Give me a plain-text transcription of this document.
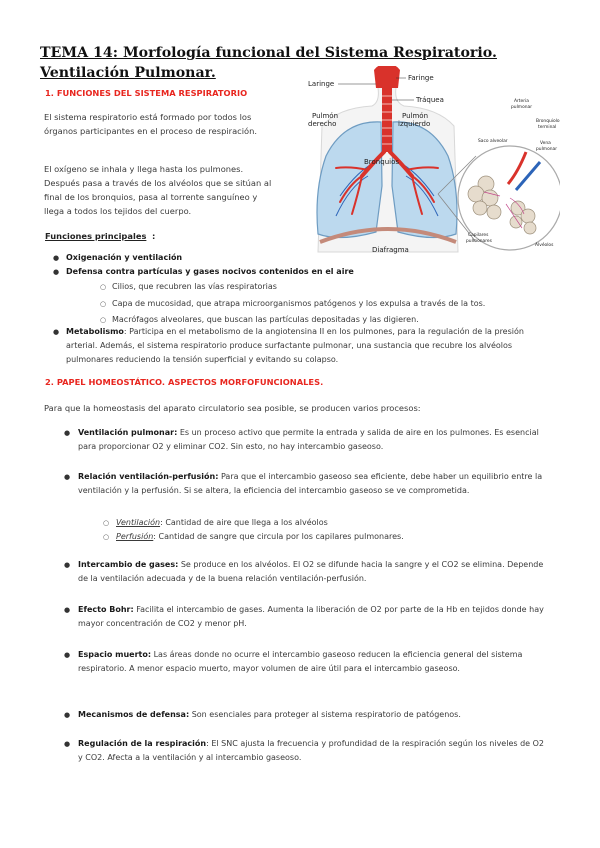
TEMA 14: Morfología funcional del Sistema Respiratorio. Ventilación Pulmonar.
1. FUNCIONES DEL SISTEMA RESPIRATORIO

El sistema respiratorio está formado por todos los órganos participantes en el proceso de respiración.

El oxígeno se inhala y llega hasta los pulmones. Después pasa a través de los alvéolos que se sitúan al final de los bronquios, pasa al torrente sanguíneo y llega a todos los tejidos del cuerpo.

Funciones principales :
● Oxigenación y ventilación
● Defensa contra partículas y gases nocivos contenidos en el aire
○ Cilios, que recubren las vías respiratorias
○ Capa de mucosidad, que atrapa microorganismos patógenos y los expulsa a través de la tos.
○ Macrófagos alveolares, que buscan las partículas depositadas y las digieren.
● Metabolismo: Participa en el metabolismo de la angiotensina II en los pulmones, para la regulación de la presión arterial. Además, el sistema respiratorio produce surfactante pulmonar, una sustancia que recubre los alvéolos pulmonares reduciendo la tensión superficial y evitando su colapso.
Faringe
Laringe
Tráquea
Pulmón
derecho
Pulmón
izquierdo
Bronquios
Diafragma
Arteria
pulmonar
Bronquiolo
terminal
Saco alveolar	Vena
pulmonar
Capilares
pulmonares
Alvéolos
2. PAPEL HOMEOSTÁTICO. ASPECTOS MORFOFUNCIONALES.

Para que la homeostasis del aparato circulatorio sea posible, se producen varios procesos:

● Ventilación pulmonar: Es un proceso activo que permite la entrada y salida de aire en los pulmones. Es esencial para proporcionar O2 y eliminar CO2. Sin esto, no hay intercambio gaseoso.
● Relación ventilación-perfusión: Para que el intercambio gaseoso sea eficiente, debe haber un equilibrio entre la ventilación y la perfusión. Si se altera, la eficiencia del intercambio gaseoso se ve comprometida.
○ Ventilación: Cantidad de aire que llega a los alvéolos
○ Perfusión: Cantidad de sangre que circula por los capilares pulmonares.
● Intercambio de gases: Se produce en los alvéolos. El O2 se difunde hacia la sangre y el CO2 se elimina. Depende de la ventilación adecuada y de la buena relación ventilación-perfusión.
● Efecto Bohr: Facilita el intercambio de gases. Aumenta la liberación de O2 por parte de la Hb en tejidos donde hay mayor concentración de CO2 y menor pH.
● Espacio muerto: Las áreas donde no ocurre el intercambio gaseoso reducen la eficiencia general del sistema respiratorio. A menor espacio muerto, mayor volumen de aire útil para el intercambio gaseoso.
● Mecanismos de defensa: Son esenciales para proteger al sistema respiratorio de patógenos.
● Regulación de la respiración: El SNC ajusta la frecuencia y profundidad de la respiración según los niveles de O2 y CO2. Afecta a la ventilación y al intercambio gaseoso.
